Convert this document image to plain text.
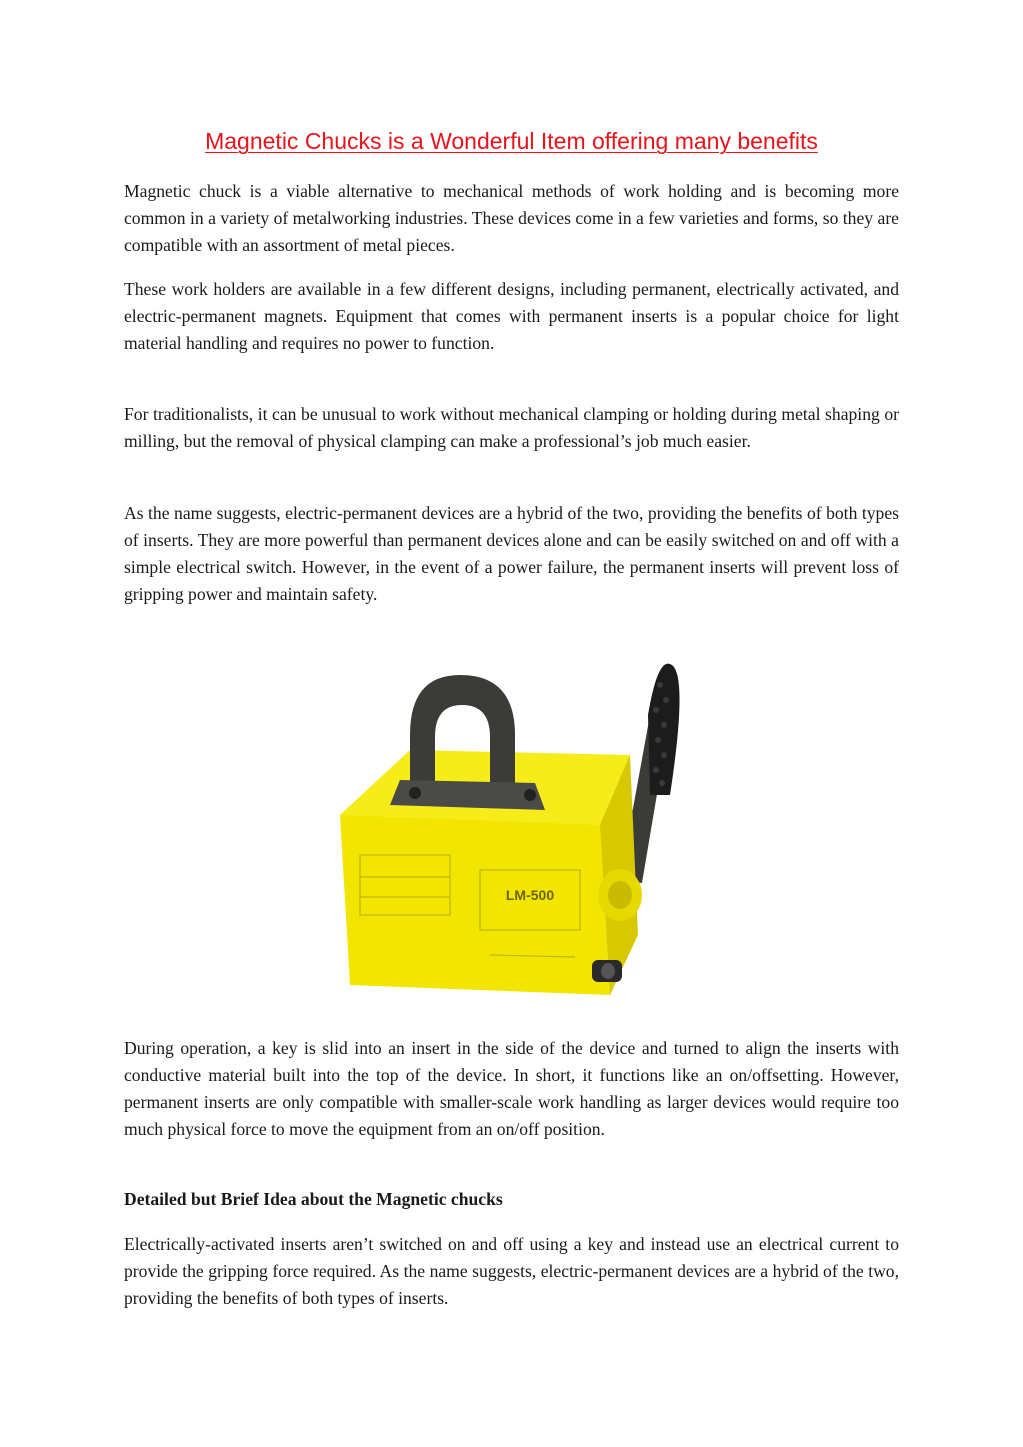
Magnetic Chucks is a Wonderful Item offering many benefits

Magnetic chuck is a viable alternative to mechanical methods of work holding and is becoming more common in a variety of metalworking industries. These devices come in a few varieties and forms, so they are compatible with an assortment of metal pieces.

These work holders are available in a few different designs, including permanent, electrically activated, and electric-permanent magnets. Equipment that comes with permanent inserts is a popular choice for light material handling and requires no power to function.

For traditionalists, it can be unusual to work without mechanical clamping or holding during metal shaping or milling, but the removal of physical clamping can make a professional’s job much easier.

As the name suggests, electric-permanent devices are a hybrid of the two, providing the benefits of both types of inserts. They are more powerful than permanent devices alone and can be easily switched on and off with a simple electrical switch. However, in the event of a power failure, the permanent inserts will prevent loss of gripping power and maintain safety.

LM-500

During operation, a key is slid into an insert in the side of the device and turned to align the inserts with conductive material built into the top of the device. In short, it functions like an on/offsetting. However, permanent inserts are only compatible with smaller-scale work handling as larger devices would require too much physical force to move the equipment from an on/off position.

Detailed but Brief Idea about the Magnetic chucks

Electrically-activated inserts aren’t switched on and off using a key and instead use an electrical current to provide the gripping force required. As the name suggests, electric-permanent devices are a hybrid of the two, providing the benefits of both types of inserts.
